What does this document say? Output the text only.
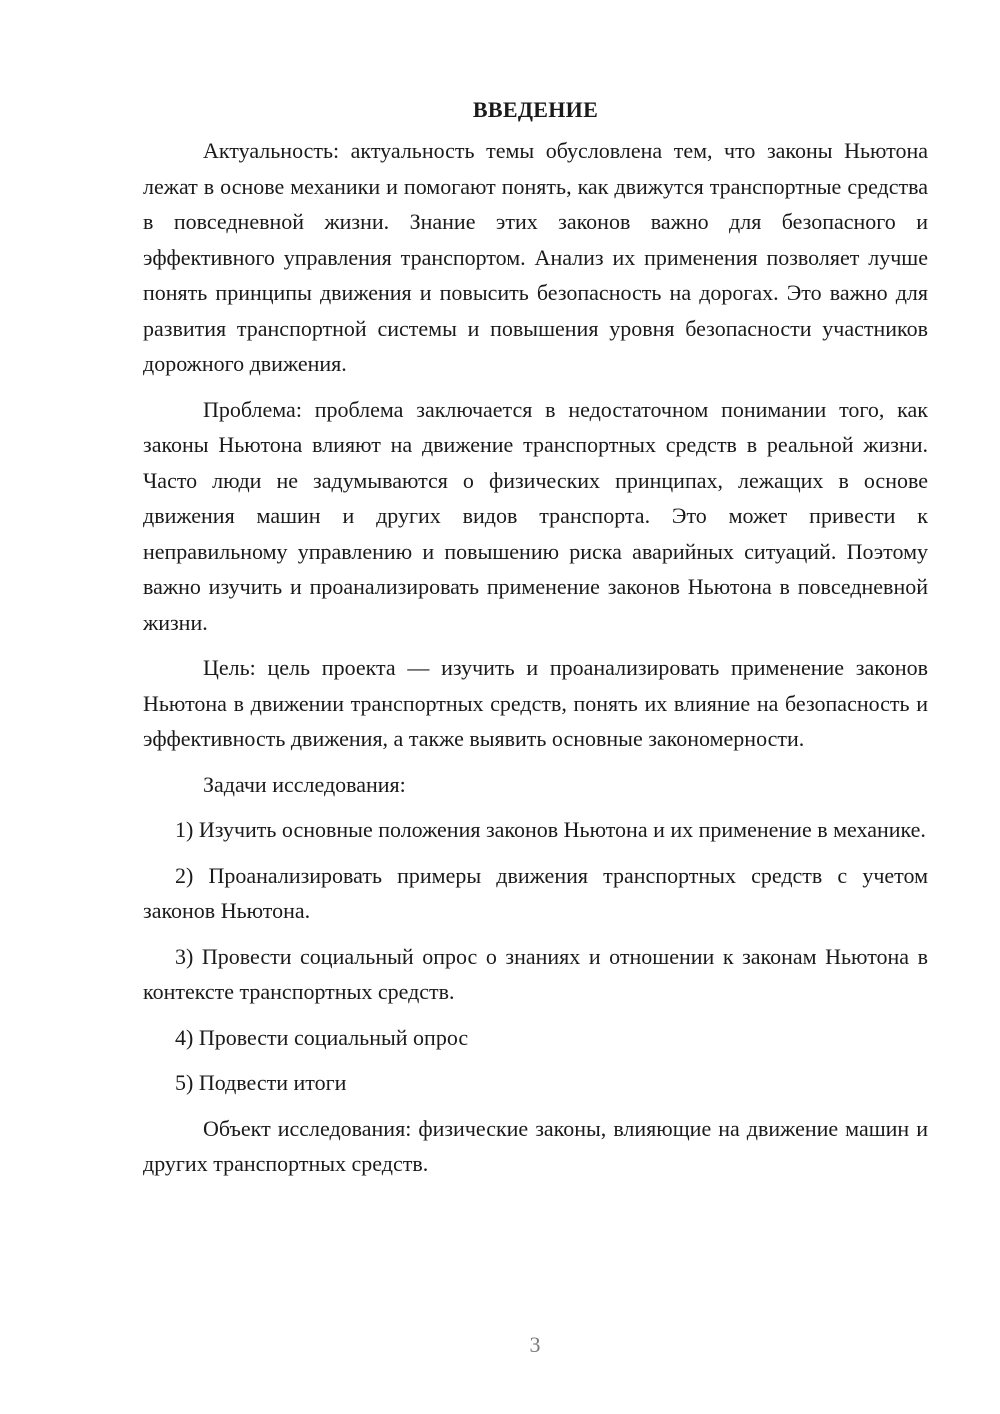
ВВЕДЕНИЕ

Актуальность: актуальность темы обусловлена тем, что законы Ньютона лежат в основе механики и помогают понять, как движутся транспортные средства в повседневной жизни. Знание этих законов важно для безопасного и эффективного управления транспортом. Анализ их применения позволяет лучше понять принципы движения и повысить безопасность на дорогах. Это важно для развития транспортной системы и повышения уровня безопасности участников дорожного движения.

Проблема: проблема заключается в недостаточном понимании того, как законы Ньютона влияют на движение транспортных средств в реальной жизни. Часто люди не задумываются о физических принципах, лежащих в основе движения машин и других видов транспорта. Это может привести к неправильному управлению и повышению риска аварийных ситуаций. Поэтому важно изучить и проанализировать применение законов Ньютона в повседневной жизни.

Цель: цель проекта — изучить и проанализировать применение законов Ньютона в движении транспортных средств, понять их влияние на безопасность и эффективность движения, а также выявить основные закономерности.

Задачи исследования:

1) Изучить основные положения законов Ньютона и их применение в механике.

2) Проанализировать примеры движения транспортных средств с учетом законов Ньютона.

3) Провести социальный опрос о знаниях и отношении к законам Ньютона в контексте транспортных средств.

4) Провести социальный опрос

5) Подвести итоги

Объект исследования: физические законы, влияющие на движение машин и других транспортных средств.

3
